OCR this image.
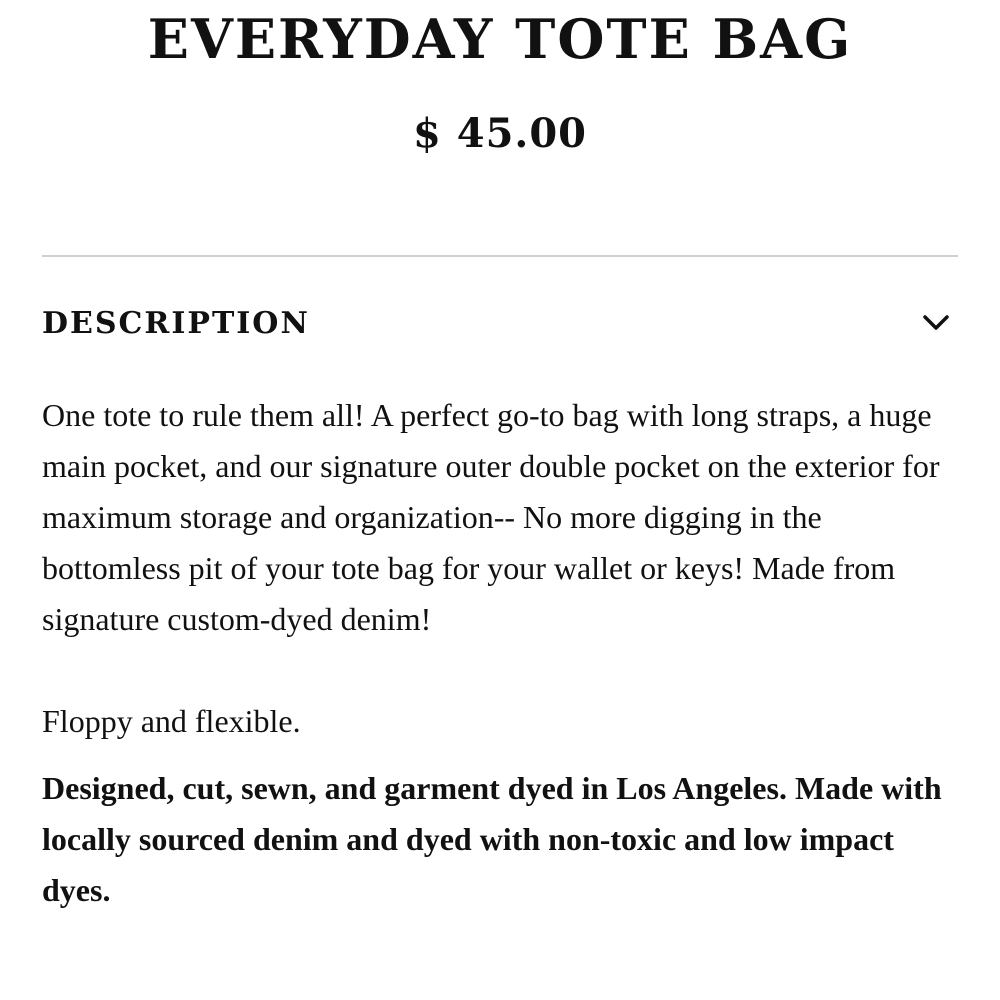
EVERYDAY TOTE BAG
$ 45.00
DESCRIPTION

One tote to rule them all! A perfect go-to bag with long straps, a huge main pocket, and our signature outer double pocket on the exterior for maximum storage and organization-- No more digging in the bottomless pit of your tote bag for your wallet or keys! Made from signature custom-dyed denim!

Floppy and flexible.

Designed, cut, sewn, and garment dyed in Los Angeles. Made with locally sourced denim and dyed with non-toxic and low impact dyes.
